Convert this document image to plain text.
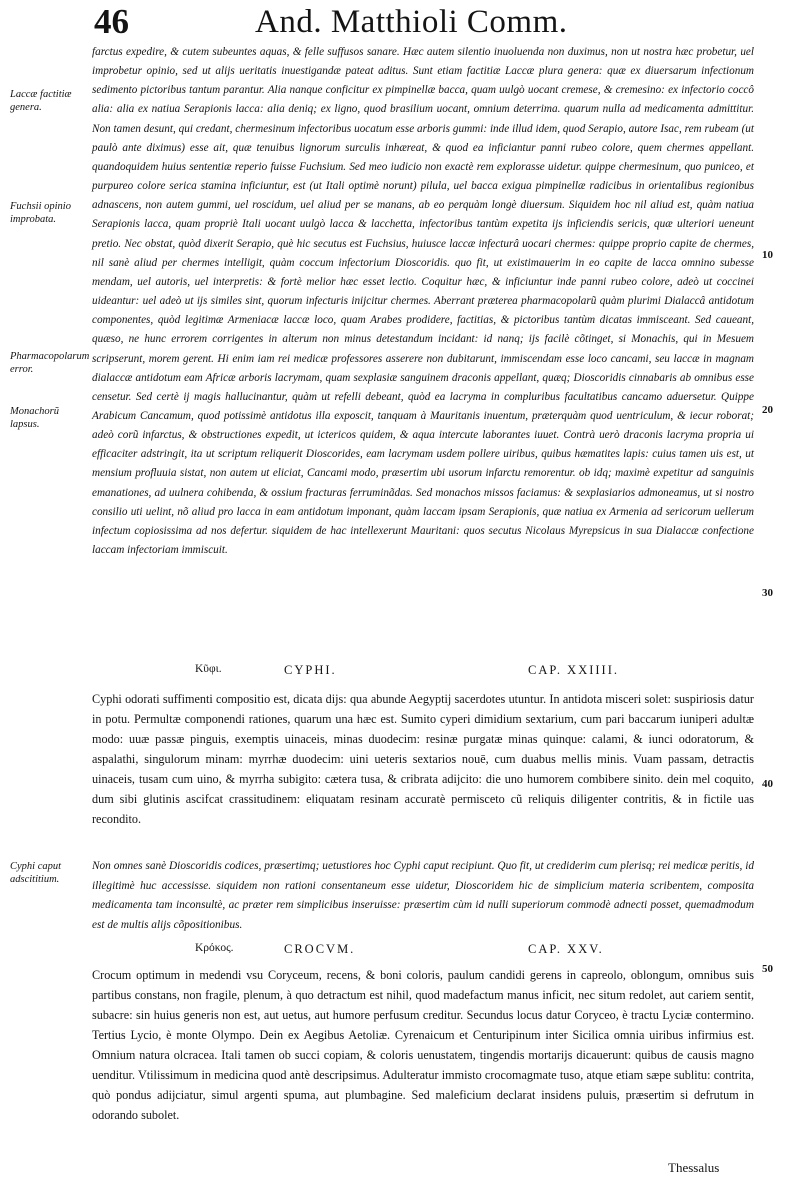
46	And. Matthioli Comm.
Laccæ factitiæ genera.
Fuchsii opinio improbata.
Pharmacopolarum error.
Monachorũ lapsus.
Cyphi caput adscititium.
10
20
30
40
50

farctus expedire, & cutem subeuntes aquas, & felle suffusos sanare. Hæc autem silentio inuoluenda non duximus, non ut nostra hæc probetur, uel improbetur opinio, sed ut alijs ueritatis inuestigandæ pateat aditus. Sunt etiam factitiæ Laccæ plura genera: quæ ex diuersarum infectionum sedimento pictoribus tantum parantur. Alia nanque conficitur ex pimpinellæ bacca, quam uulgò uocant cremese, & cremesino: ex infectorio coccô alia: alia ex natiua Serapionis lacca: alia deniq; ex ligno, quod brasilium uocant, omnium deterrima. quarum nulla ad medicamenta admittitur. Non tamen desunt, qui credant, chermesinum infectoribus uocatum esse arboris gummi: inde illud idem, quod Serapio, autore Isac, rem rubeam (ut paulò ante diximus) esse ait, quæ tenuibus lignorum surculis inhæreat, & quod ea inficiantur panni rubeo colore, quem chermes appellant. quandoquidem huius sententiæ reperio fuisse Fuchsium. Sed meo iudicio non exactè rem explorasse uidetur. quippe chermesinum, quo puniceo, et purpureo colore serica stamina inficiuntur, est (ut Itali optimè norunt) pilula, uel bacca exigua pimpinellæ radicibus in orientalibus regionibus adnascens, non autem gummi, uel roscidum, uel aliud per se manans, ab eo perquàm longè diuersum. Siquidem hoc nil aliud est, quàm natiua Serapionis lacca, quam propriè Itali uocant uulgò lacca & lacchetta, infectoribus tantùm expetita ijs inficiendis sericis, quæ ulteriori ueneunt pretio. Nec obstat, quòd dixerit Serapio, què hic secutus est Fuchsius, huiusce laccæ infecturâ uocari chermes: quippe proprio capite de chermes, nil sanè aliud per chermes intelligit, quàm coccum infectorium Dioscoridis. quo fit, ut existimauerim in eo capite de lacca omnino subesse mendam, uel autoris, uel interpretis: & fortè melior hæc esset lectio. Coquitur hæc, & inficiuntur inde panni rubeo colore, adeò ut coccinei uideantur: uel adeò ut ijs similes sint, quorum infecturis inijcitur chermes. Aberrant præterea pharmacopolarũ quàm plurimi Dialaccâ antidotum componentes, quòd legitimæ Armeniacæ laccæ loco, quam Arabes prodidere, factitias, & pictoribus tantùm dicatas immisceant. Sed caueant, quæso, ne hunc errorem corrigentes in alterum non minus detestandum incidant: id nanq; ijs facilè cõtinget, si Monachis, qui in Mesuem scripserunt, morem gerent. Hi enim iam rei medicæ professores asserere non dubitarunt, immiscendam esse loco cancami, seu laccæ in magnam dialaccæ antidotum eam Africæ arboris lacrymam, quam sexplasiæ sanguinem draconis appellant, quæq; Dioscoridis cinnabaris ab omnibus esse censetur. Sed certè ij magis hallucinantur, quàm ut refelli debeant, quòd ea lacryma in compluribus facultatibus cancamo aduersetur. Quippe Arabicum Cancamum, quod potissimè antidotus illa exposcit, tanquam à Mauritanis inuentum, præterquàm quod uentriculum, & iecur roborat; adeò corũ infarctus, & obstructiones expedit, ut ictericos quidem, & aqua intercute laborantes iuuet. Contrà uerò draconis lacryma propria ui efficaciter adstringit, ita ut scriptum reliquerit Dioscorides, eam lacrymam usdem pollere uiribus, quibus hæmatites lapis: cuius tamen uis est, ut mensium profluuia sistat, non autem ut eliciat, Cancami modo, præsertim ubi usorum infarctu remorentur. ob idq; maximè expetitur ad sanguinis emanationes, ad uulnera cohibenda, & ossium fracturas ferruminãdas. Sed monachos missos faciamus: & sexplasiarios admoneamus, ut si nostro consilio uti uelint, nõ aliud pro lacca in eam antidotum imponant, quàm laccam ipsam Serapionis, quæ natiua ex Armenia ad sericorum uellerum infectum copiosissima ad nos defertur. siquidem de hac intellexerunt Mauritani: quos secutus Nicolaus Myrepsicus in sua Dialaccæ confectione laccam infectoriam immiscuit.

Κῦφι.	CYPHI.	CAP. XXIIII.

Cyphi odorati suffimenti compositio est, dicata dijs: qua abunde Aegyptij sacerdotes utuntur. In antidota misceri solet: suspiriosis datur in potu. Permultæ componendi rationes, quarum una hæc est. Sumito cyperi dimidium sextarium, cum pari baccarum iuniperi adultæ modo: uuæ passæ pinguis, exemptis uinaceis, minas duodecim: resinæ purgatæ minas quinque: calami, & iunci odoratorum, & aspalathi, singulorum minam: myrrhæ duodecim: uini ueteris sextarios nouē, cum duabus mellis minis. Vuam passam, detractis uinaceis, tusam cum uino, & myrrha subigito: cætera tusa, & cribrata adijcito: die uno humorem combibere sinito. dein mel coquito, dum sibi glutinis ascifcat crassitudinem: eliquatam resinam accuratè permisceto cũ reliquis diligenter contritis, & in fictile uas recondito.

Non omnes sanè Dioscoridis codices, præsertimq; uetustiores hoc Cyphi caput recipiunt. Quo fit, ut crediderim cum plerisq; rei medicæ peritis, id illegitimè huc accessisse. siquidem non rationi consentaneum esse uidetur, Dioscoridem hic de simplicium materia scribentem, composita medicamenta tam inconsultè, ac præter rem simplicibus inseruisse: præsertim cùm id nulli superiorum commodè adnecti posset, quemadmodum est de multis alijs cõpositionibus.

Κρόκος.	CROCVM.	CAP. XXV.

Crocum optimum in medendi vsu Coryceum, recens, & boni coloris, paulum candidi gerens in capreolo, oblongum, omnibus suis partibus constans, non fragile, plenum, à quo detractum est nihil, quod madefactum manus inficit, nec situm redolet, aut cariem sentit, subacre: sin huius generis non est, aut uetus, aut humore perfusum creditur. Secundus locus datur Coryceo, è tractu Lyciæ contermino. Tertius Lycio, è monte Olympo. Dein ex Aegibus Aetoliæ. Cyrenaicum et Centuripinum inter Sicilica omnia uiribus infirmius est. Omnium natura olcracea. Itali tamen ob succi copiam, & coloris uenustatem, tingendis mortarijs dicauerunt: quibus de causis magno uenditur. Vtilissimum in medicina quod antè descripsimus. Adulteratur immisto crocomagmate tuso, atque etiam sæpe sublitu: contrita, quò pondus adijciatur, simul argenti spuma, aut plumbagine. Sed maleficium declarat insidens puluis, præsertim si defrutum in odorando subolet.

Thessalus
